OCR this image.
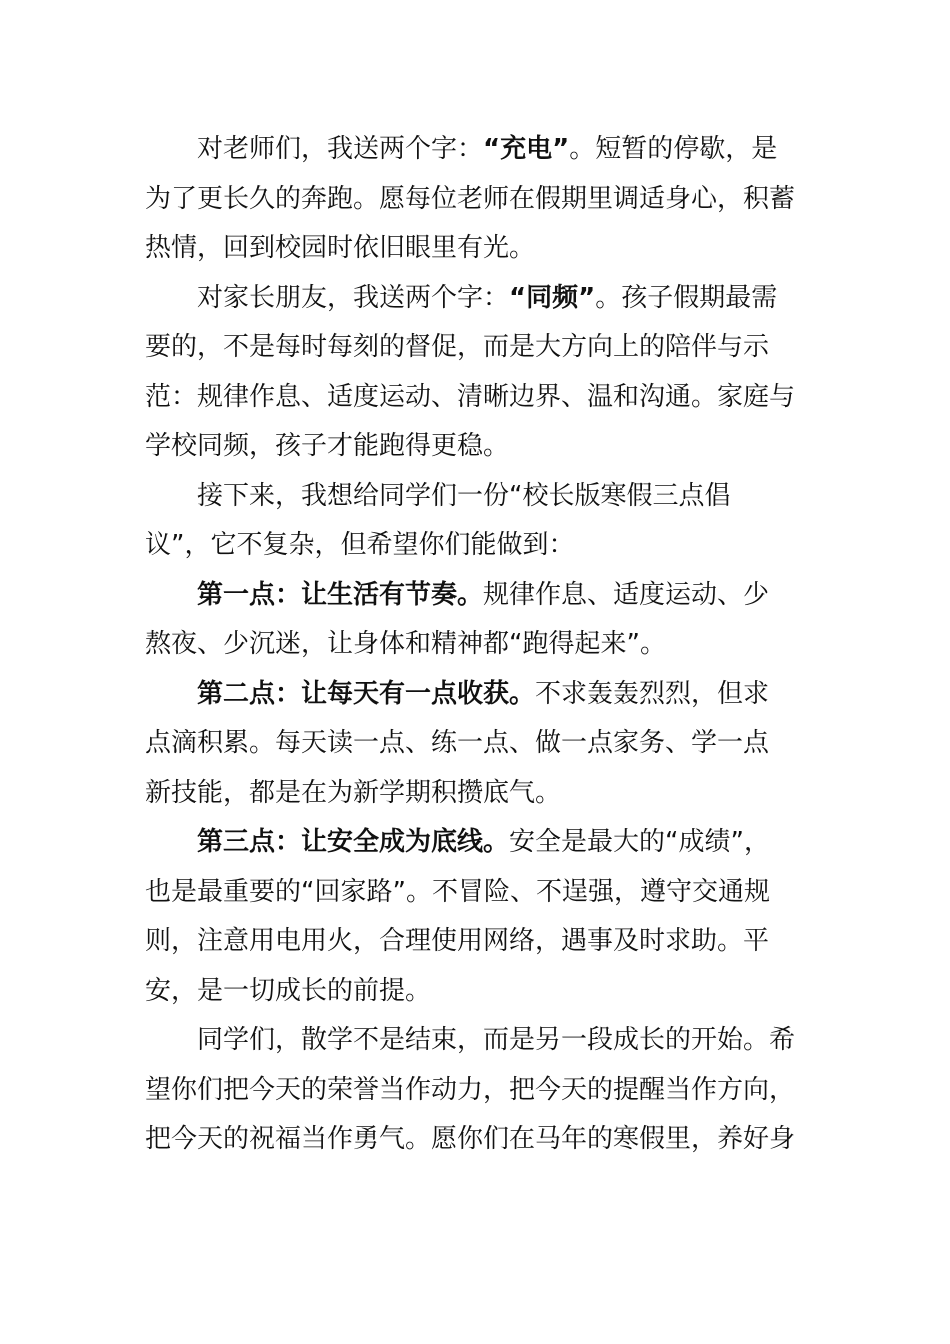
对老师们，我送两个字：“充电”。短暂的停歇，是为了更长久的奔跑。愿每位老师在假期里调适身心，积蓄热情，回到校园时依旧眼里有光。

对家长朋友，我送两个字：“同频”。孩子假期最需要的，不是每时每刻的督促，而是大方向上的陪伴与示范：规律作息、适度运动、清晰边界、温和沟通。家庭与学校同频，孩子才能跑得更稳。

接下来，我想给同学们一份“校长版寒假三点倡议”，它不复杂，但希望你们能做到：

第一点：让生活有节奏。规律作息、适度运动、少熬夜、少沉迷，让身体和精神都“跑得起来”。

第二点：让每天有一点收获。不求轰轰烈烈，但求点滴积累。每天读一点、练一点、做一点家务、学一点新技能，都是在为新学期积攒底气。

第三点：让安全成为底线。安全是最大的“成绩”，也是最重要的“回家路”。不冒险、不逞强，遵守交通规则，注意用电用火，合理使用网络，遇事及时求助。平安，是一切成长的前提。

同学们，散学不是结束，而是另一段成长的开始。希望你们把今天的荣誉当作动力，把今天的提醒当作方向，把今天的祝福当作勇气。愿你们在马年的寒假里，养好身
